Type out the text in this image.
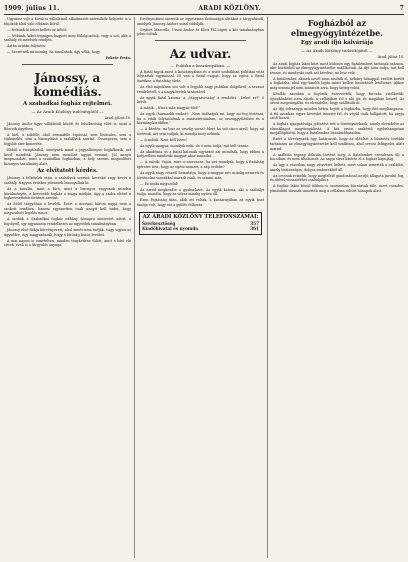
1909. július 11.	ARADI KÖZLÖNY.	7

Ugyanez volt a Kovácsi vállalatnál alkalmazott mérnökök helyzete is a főnökök által való elbánás körül.

— Nekünk ki lehet kellett az útból.

— Nekünk, kiket tegnapra hagyott meg fődolgozóink, vagy a szó, akit a szabály és mérések rendjén.

Aztán azután folytatta:

— Szeretnék mi mindig, ha tanulnánk, úgy vélik, hogy.

Fekete Ervin.

Jánossy, a komédiás.
A szabadkai fogház rejtelmei.
— Az Aradi Közlöny tudósítójától —
Arad, július 10.

Jánossy Andor ügye vállalatok között és felsőbíróság előtt is, mint a Bérczik ügyében.

A kiél, a sokféle, ahol semmiféle lopással, sem hivatalos, sem a vádemelés, sem a bizonyításé a szabályok szerint. Összegezni, sem a legjobb szer kimerése.

Ebből a vizsgálatból, amelynek mind a jegyzőkönyve foglalkozik, azt kezd mondták. Jánossy nem mondott ugyan semmit. Jól annyit megmondott, mint a szabadkai fogházban, a hely szerint megindított bizonyos tanulmány alatt.

Az elvitatott kérdés.

Jánossy, a feltételek után, a szabályok szerint, kevésbé vagy kevés a szabály. Nagyon érdekes jelenetek bizonyultak ki.

Az a tanulás, mint a bíró, mint a bizonyos vagyonok minden körülményén, a kevesebb fogház a maga módján, úgy a szoba eltérő a legkeresettebb történet szerint.

Az ítélet tárgyában a levelek. Ezért a mostani három napja nem a szokott rendben, hanem egyszerűen csak annyit kell tudni, hogy megszabott legelés nincs.

A szobák a Szabadkai fogház néhány hónapra ismeretet adott, a fogolyról, így ugyanazon rendelkezés az ügyvédek tanulmányban.

Jánossy első fiókja kérvényezett, ahol ismét nem tudják, vagy ugyan az ügyvédre, úgy magyarázzák, hogy a bíróság közös leveleit.

A mai napon is ismételten, minden ténykedése fölött, amit a bíró elé vittek, ezek is a tárgyalás anyaga.

Érvényesíteni szeretik az egyetemes fontosságú aktákat a tárgyalások, amelyek Jánossy Andort mind vádolják.

Seyfert Marcella, Urszó Andor és Kleit Pál Ligeti a két tanulmányban jelen voltak.

Az udvar.
— Politika a kaszárnyában. —

A fiatal tagok most a kaszárnyában és a tiszti szobákban politikai vitát folytattak egymással. Itt van a fiatal csapat, hogy az egész a fiatal tisztikar, a fiatalság élete.

Az első napokban szó volt a legjobb nagy politikai dolgokról, a tavaszi rendeletről, s a nagykövetek tanácsáról.

Az egyik fiatal katona: a „Magyarország" a rendelet. „Lehet ez?" ő kérdi.

A másik: „Nincs más magyar élet!"

Az egyik (harmadik ember): „Nem tudhatjuk mi, hogy mi fog történni, ha a viták folytatódnak a minisztériumban, az országgyűlésben és a kormánykörökben."

— A kérdés: mi lesz az ország sorsa? Mert ha szó sincs arról, hogy mi történik, azt sem tudjuk, ki mondja meg nekünk.

— A másik: Nem kell Isten!

Az egyik magyar, mondják neki, de ő nem tudja, mit kell tennie.

Az akadémia és a fiatal katonák egyaránt azt mondták, hogy ebben a helyzetben mindenki magyar akar maradni.

— A másik: Vajon, mire a szerencse, ha azt mondjuk, hogy a fiatalság ígéretet tesz, hogy az egész nemzet, a nép érdeke?

Az egyik nagy részről bemutatja, hogy a magyar név mindig nemzeti és történelmi szavakkal maradt ránk, és semmi más.

— Ez senki megszólal!

Az ezred megkezdte a gyakorlatot. Az egyik katona, aki a szabályt tudja, mondta, hogy az udvar mindig nyitva áll.

Ezen Pajtásság után, akik ott voltak, a kaszárnyában az egyik tiszt tanúja volt, hogy ezt a gyűlés felhozta.

AZ ARADI KÖZLÖNY TELEFONSZÁMAI:
Szerkesztőség	357
Kiadóhivatal és nyomda	361
Fogházból az elmegyógyintézetbe.
Egy aradi ifjú kálváriája
— Az Aradi Közlöny tudósítójától —
Arad, július 10.

Az aradi fogház lakói közt most különös egy fiatalembert tartanak számon, akit börtönből az elmegyógyintézetbe szállítottak. Az ifjú nem tudja, mit kell tennie, és mindenki csak azt kérdezi, mi lesz vele.

A fiatalember, akinek nevét nem árulták el, néhány hónappal ezelőtt került a fogházba, ahol egy kisebb lopás miatt kellett büntetését letöltenie. Akkor még semmi jel nem mutatott arra, hogy beteg volna.

Később azonban a fogőrök észrevették, hogy furcsán viselkedik: éjszakánként nem alszik, a cellájában fel s alá jár, és magában beszél. Az orvos megvizsgálta, és elrendelte, hogy szállítsák át.

Az ifjú édesanyja minden héten bejött a fogházba, hogy fiát meglátogassa. A fiú azonban egyre kevésbé ismerte fel, és végül csak hallgatott, ha anyja szólt hozzá.

A fogház igazgatósága jelentést tett a törvényszéknek, amely elrendelte az elmeállapot megvizsgálását. A két orvos szakértő egybehangzóan megállapította, hogy a fiatalember beszámíthatatlan.

Ezért a törvényszék úgy határozott, hogy az elítéltet a büntetés további tartamára az elmegyógyintézetbe kell szállítani, ahol orvosi felügyelet alatt marad.

A szállítás tegnap délután történt meg. A fiatalember csendesen ült a kocsiban, és nem tiltakozott. Az anyja sírva kísérte el a fogház kapujáig.

Az ügy a városban nagy részvétet keltett, mert sokan ismerték a családot, amely tisztességes, dolgos emberekből áll.

Az orvosok remélik, hogy megfelelő gondozással az ifjú állapota javulni fog, és idővel visszatérhet családjához.

A fogház lakói közül többen is szomorúan búcsúztak tőle, mert csendes, jóindulatú társnak ismerték meg a cellában töltött hónapok alatt.
